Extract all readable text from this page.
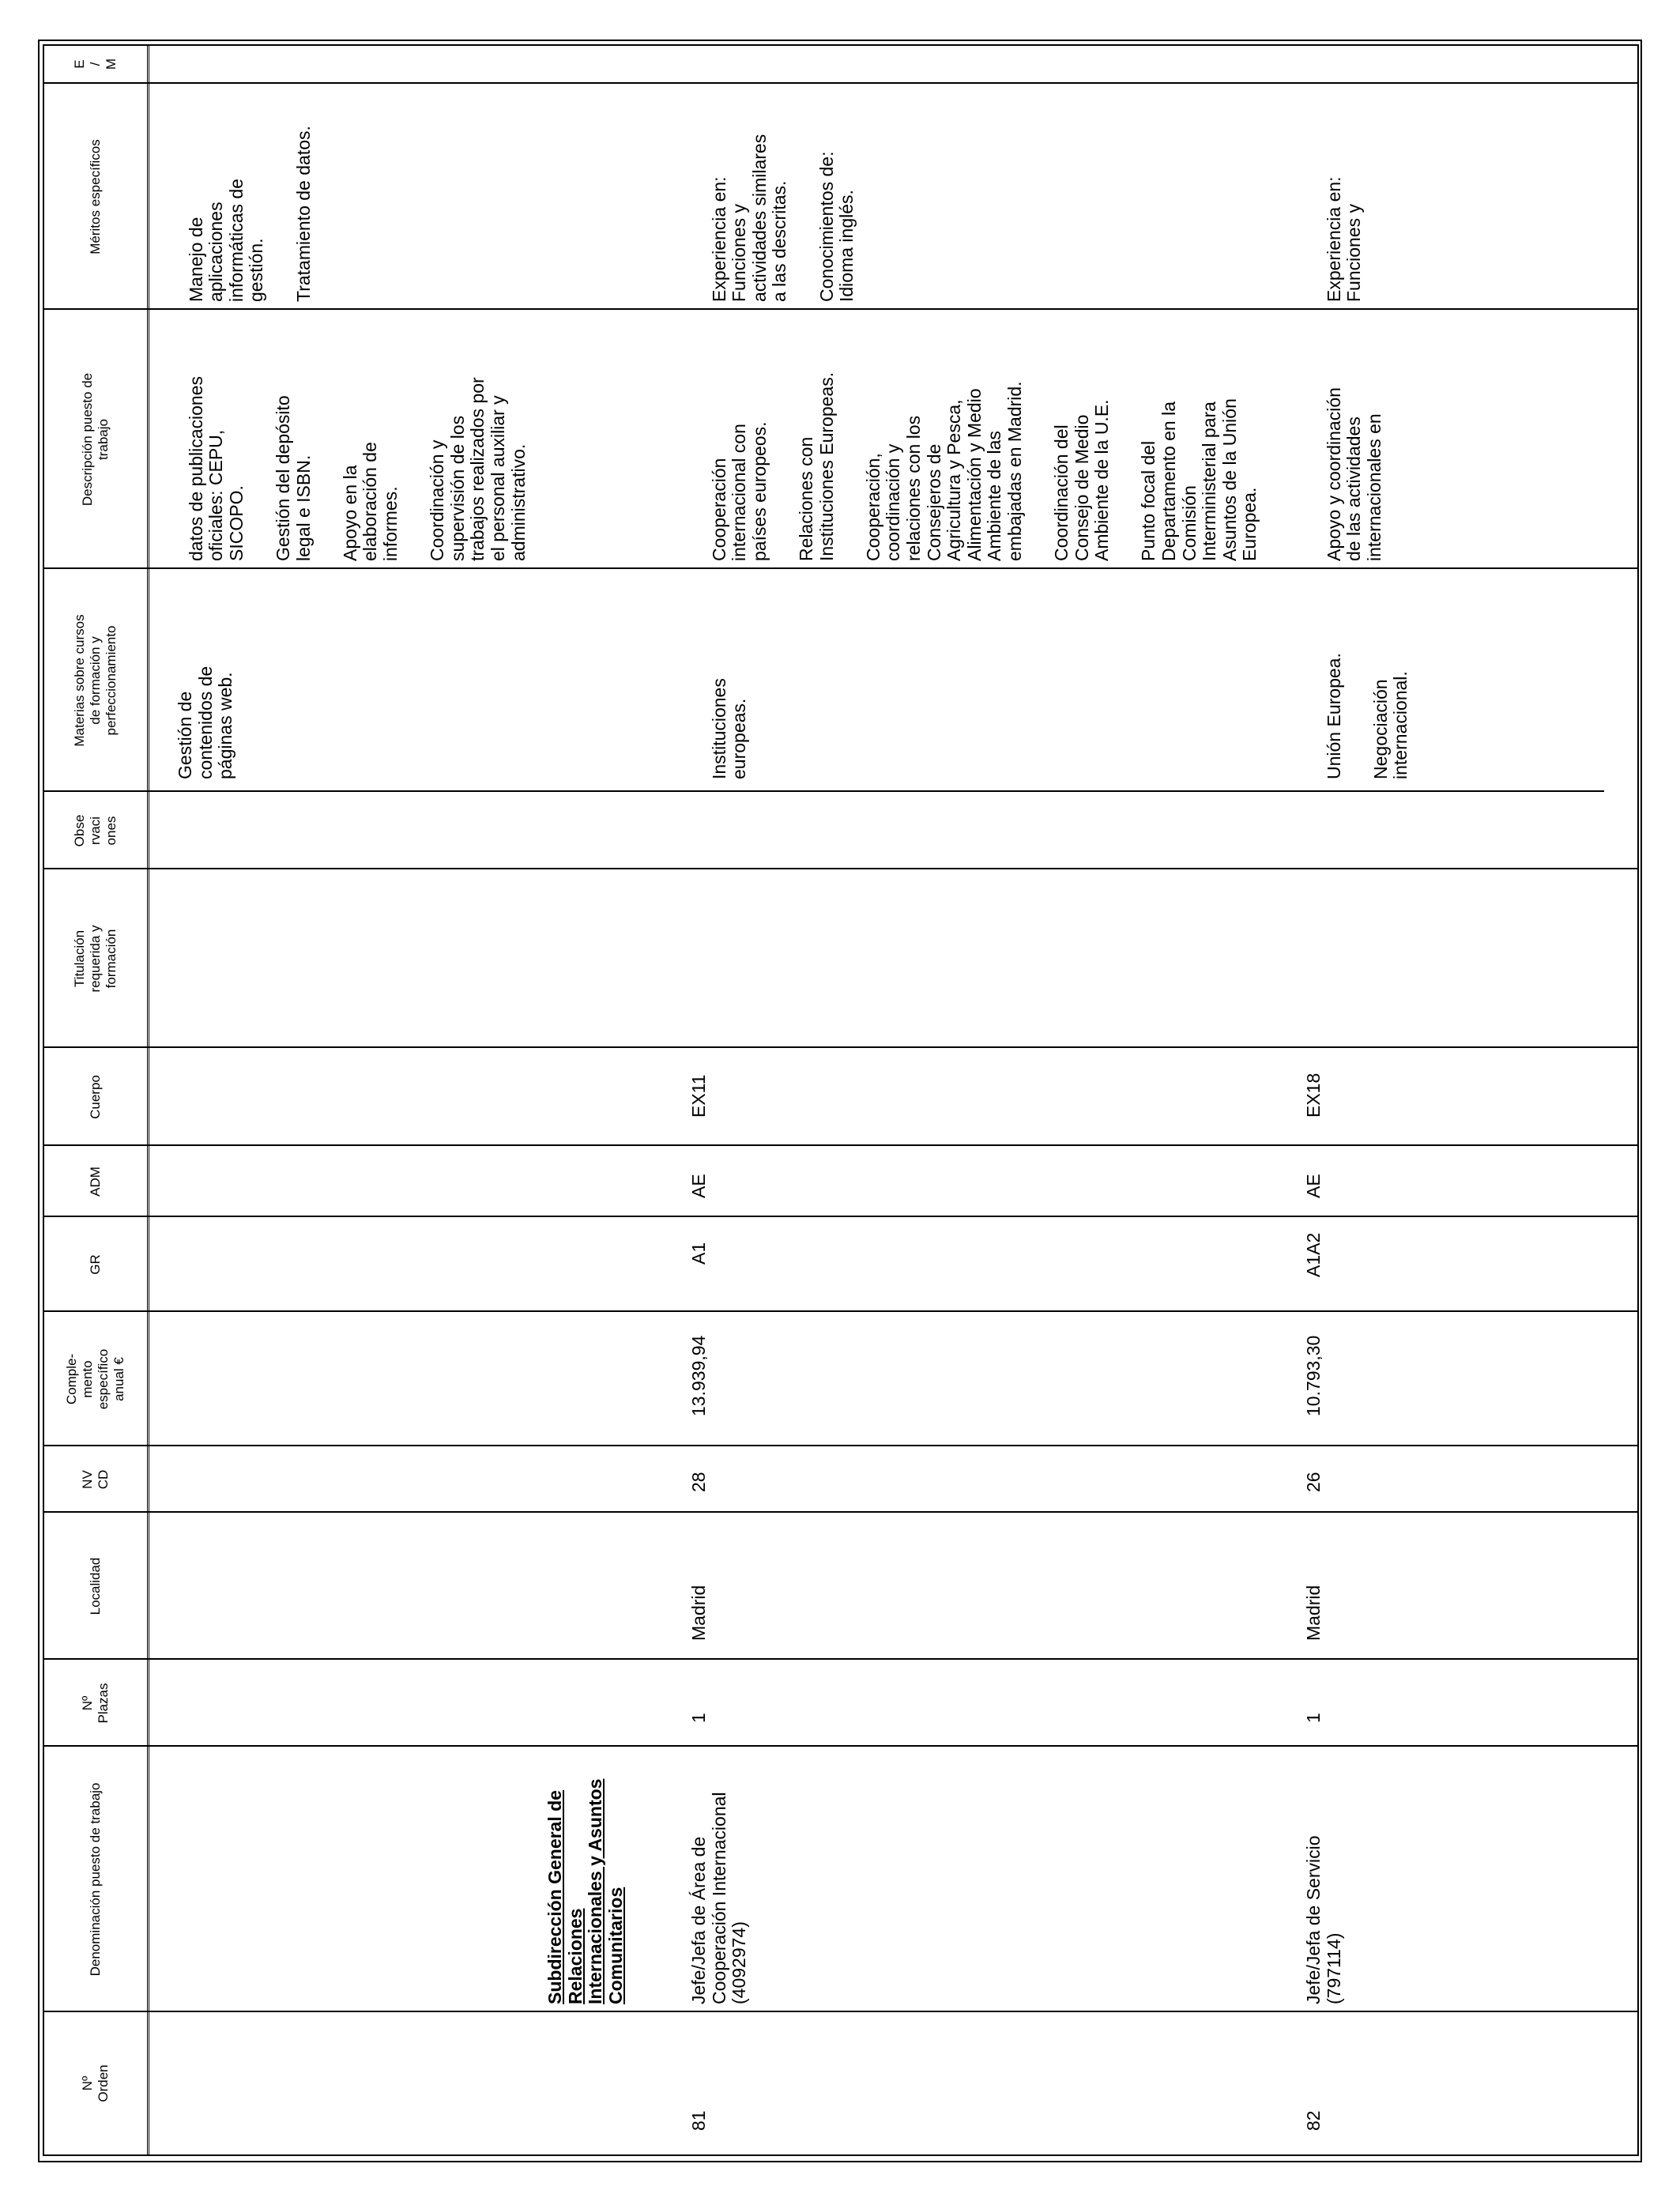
Nº
Orden
Denominación puesto de trabajo
Nº
Plazas
Localidad
NV
CD
Comple-
mento
específico
anual €
GR
ADM
Cuerpo
Titulación
requerida y
formación
Obse
rvaci
ones
Materias sobre cursos
de formación y
perfeccionamiento
Descripción puesto de
trabajo
Méritos específicos
E
/
M
Gestión de
contenidos de
páginas web.

datos de publicaciones
oficiales: CEPU,
SICOPO. Gestión del depósito
legal e ISBN.

Apoyo en la
elaboración de
informes. Coordinación y
supervisión de los
trabajos realizados por
el personal auxiliar y
administrativo.

Manejo de
aplicaciones
informáticas de
gestión. Tratamiento de datos.

Subdirección General de
Relaciones
Internacionales y Asuntos
Comunitarios
81
Jefe/Jefa de Área de
Cooperación Internacional
(4092974)
1
Madrid
28
13.939,94
A1
AE
EX11

Instituciones
europeas.

Cooperación
internacional con
países europeos.

Relaciones con
Instituciones Europeas.

Cooperación,
coordinación y
relaciones con los
Consejeros de
Agricultura y Pesca,
Alimentación y Medio
Ambiente de las
embajadas en Madrid.

Coordinación del
Consejo de Medio
Ambiente de la U.E.

Punto focal del
Departamento en la
Comisión
Interministerial para
Asuntos de la Unión
Europea.

Experiencia en:
Funciones y
actividades similares
a las descritas. Conocimientos de:
Idioma inglés.

82
Jefe/Jefa de Servicio
(797114)
1
Madrid
26
10.793,30
A1A2
AE
EX18

Unión Europea. Negociación
internacional.

Apoyo y coordinación
de las actividades
internacionales en

Experiencia en:
Funciones y
